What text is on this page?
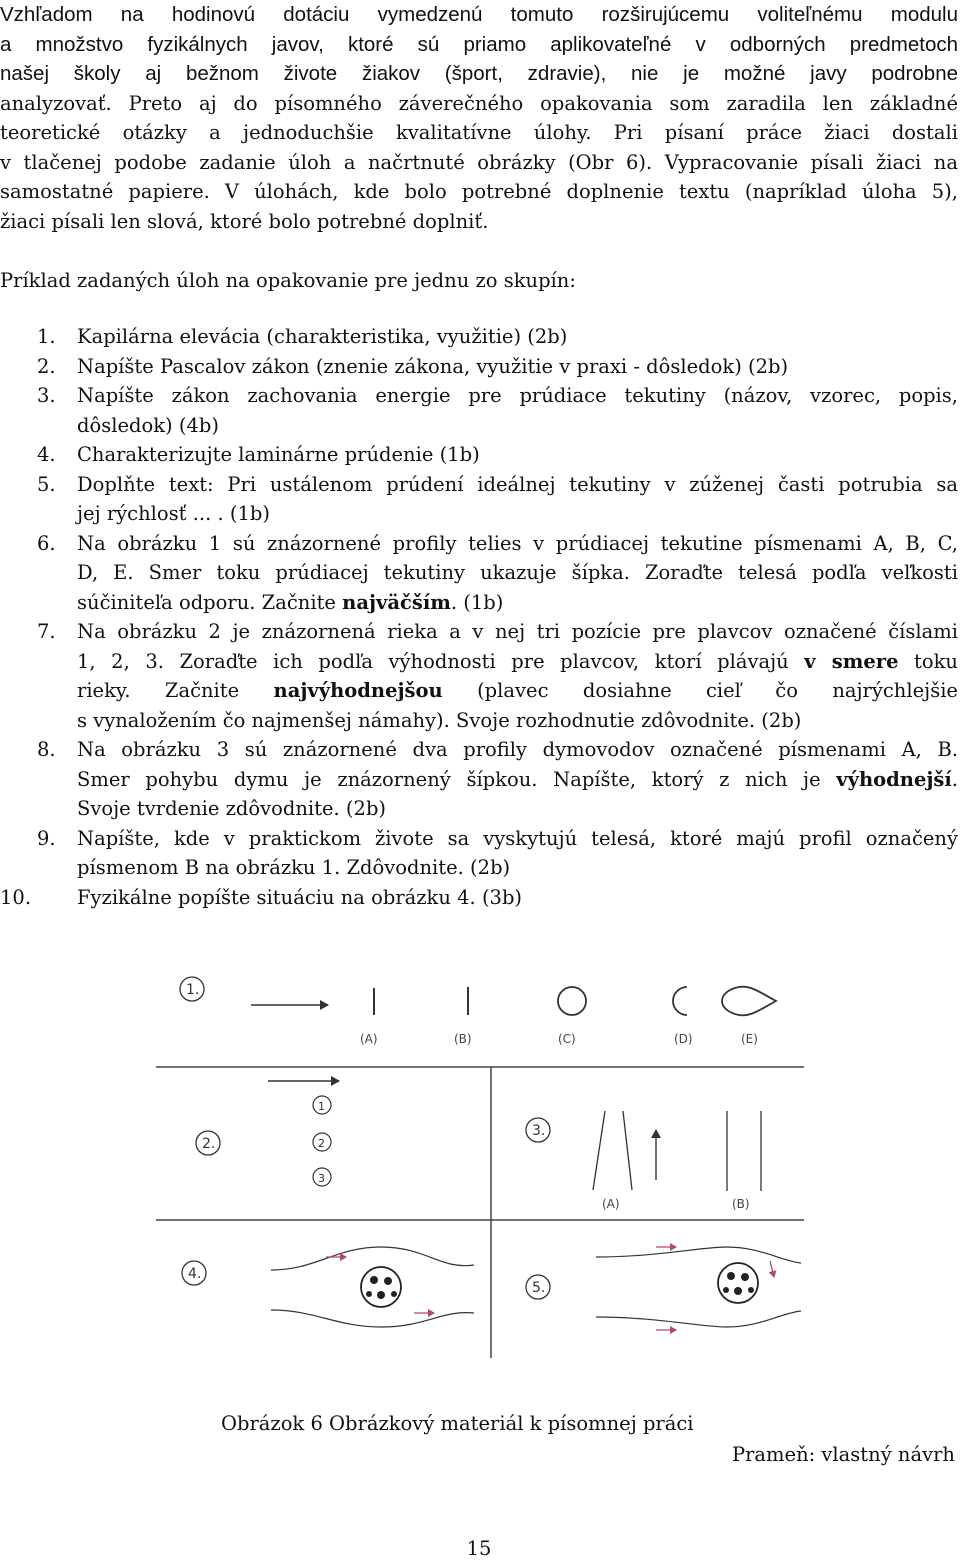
Vzhľadom na hodinovú dotáciu vymedzenú tomuto rozširujúcemu voliteľnému modulu
a množstvo fyzikálnych javov, ktoré sú priamo aplikovateľné v odborných predmetoch
našej školy aj bežnom živote žiakov (šport, zdravie), nie je možné javy podrobne
analyzovať. Preto aj do písomného záverečného opakovania som zaradila len základné
teoretické otázky a jednoduchšie kvalitatívne úlohy. Pri písaní práce žiaci dostali
v tlačenej podobe zadanie úloh a načrtnuté obrázky (Obr 6). Vypracovanie písali žiaci na
samostatné papiere. V úlohách, kde bolo potrebné doplnenie textu (napríklad úloha 5),
žiaci písali len slová, ktoré bolo potrebné doplniť.
Príklad zadaných úloh na opakovanie pre jednu zo skupín:
1. Kapilárna elevácia (charakteristika, využitie) (2b)
2. Napíšte Pascalov zákon (znenie zákona, využitie v praxi - dôsledok) (2b)
3. Napíšte zákon zachovania energie pre prúdiace tekutiny (názov, vzorec, popis,
dôsledok) (4b)
4. Charakterizujte laminárne prúdenie (1b)
5. Doplňte text: Pri ustálenom prúdení ideálnej tekutiny v zúženej časti potrubia sa
jej rýchlosť ... . (1b)
6. Na obrázku 1 sú znázornené profily telies v prúdiacej tekutine písmenami A, B, C,
D, E. Smer toku prúdiacej tekutiny ukazuje šípka. Zoraďte telesá podľa veľkosti
súčiniteľa odporu. Začnite najväčším. (1b)
7. Na obrázku 2 je znázornená rieka a v nej tri pozície pre plavcov označené číslami
1, 2, 3. Zoraďte ich podľa výhodnosti pre plavcov, ktorí plávajú v smere toku
rieky. Začnite najvýhodnejšou (plavec dosiahne cieľ čo najrýchlejšie
s vynaložením čo najmenšej námahy). Svoje rozhodnutie zdôvodnite. (2b)
8. Na obrázku 3 sú znázornené dva profily dymovodov označené písmenami A, B.
Smer pohybu dymu je znázornený šípkou. Napíšte, ktorý z nich je výhodnejší.
Svoje tvrdenie zdôvodnite. (2b)
9. Napíšte, kde v praktickom živote sa vyskytujú telesá, ktoré majú profil označený
písmenom B na obrázku 1. Zdôvodnite. (2b)
10. Fyzikálne popíšte situáciu na obrázku 4. (3b)
1.
(A)	(B)	(C)	(D)	(E)
2.
1
2
3
3.
(A)	(B)
4.
5.
Obrázok 6 Obrázkový materiál k písomnej práci
Prameň: vlastný návrh
15
